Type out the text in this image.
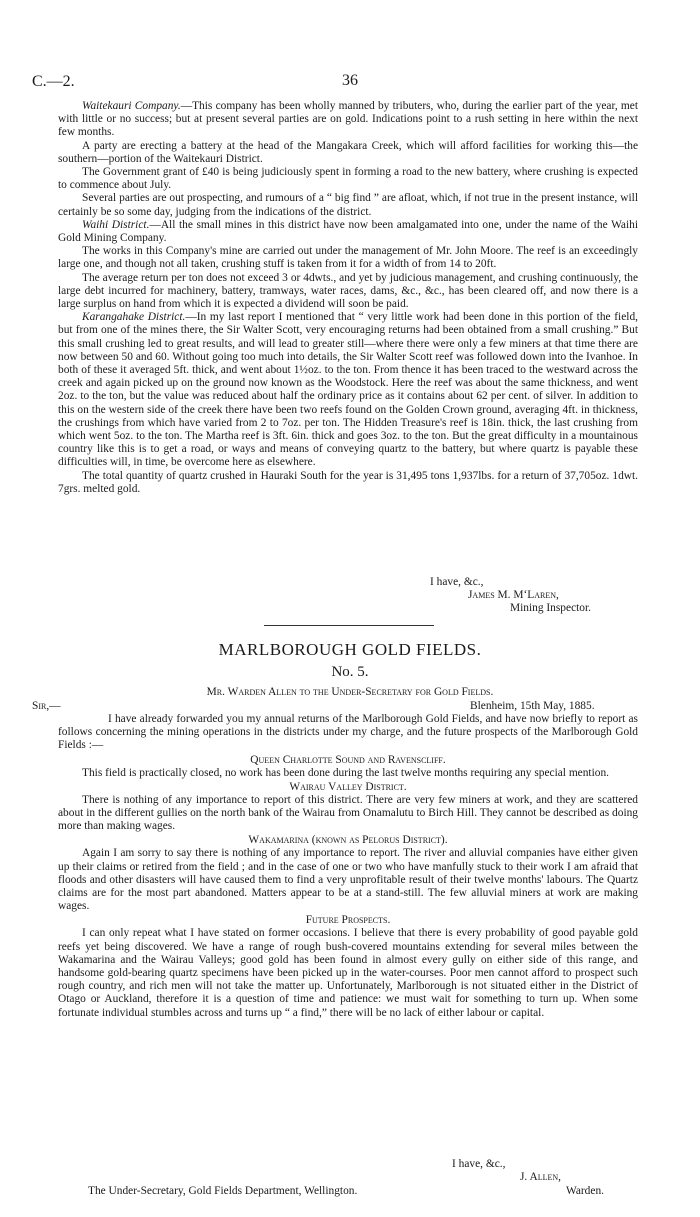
C.—2.	36

Waitekauri Company.—This company has been wholly manned by tributers, who, during the earlier part of the year, met with little or no success; but at present several parties are on gold. Indications point to a rush setting in here within the next few months.

A party are erecting a battery at the head of the Mangakara Creek, which will afford facilities for working this—the southern—portion of the Waitekauri District.

The Government grant of £40 is being judiciously spent in forming a road to the new battery, where crushing is expected to commence about July.

Several parties are out prospecting, and rumours of a “ big find ” are afloat, which, if not true in the present instance, will certainly be so some day, judging from the indications of the district.

Waihi District.—All the small mines in this district have now been amalgamated into one, under the name of the Waihi Gold Mining Company.

The works in this Company's mine are carried out under the management of Mr. John Moore. The reef is an exceedingly large one, and though not all taken, crushing stuff is taken from it for a width of from 14 to 20ft.

The average return per ton does not exceed 3 or 4dwts., and yet by judicious management, and crushing continuously, the large debt incurred for machinery, battery, tramways, water races, dams, &c., &c., has been cleared off, and now there is a large surplus on hand from which it is expected a dividend will soon be paid.

Karangahake District.—In my last report I mentioned that “ very little work had been done in this portion of the field, but from one of the mines there, the Sir Walter Scott, very encouraging returns had been obtained from a small crushing.” But this small crushing led to great results, and will lead to greater still—where there were only a few miners at that time there are now between 50 and 60. Without going too much into details, the Sir Walter Scott reef was followed down into the Ivanhoe. In both of these it averaged 5ft. thick, and went about 1½oz. to the ton. From thence it has been traced to the westward across the creek and again picked up on the ground now known as the Woodstock. Here the reef was about the same thickness, and went 2oz. to the ton, but the value was reduced about half the ordinary price as it contains about 62 per cent. of silver. In addition to this on the western side of the creek there have been two reefs found on the Golden Crown ground, averaging 4ft. in thickness, the crushings from which have varied from 2 to 7oz. per ton. The Hidden Treasure's reef is 18in. thick, the last crushing from which went 5oz. to the ton. The Martha reef is 3ft. 6in. thick and goes 3oz. to the ton. But the great difficulty in a mountainous country like this is to get a road, or ways and means of conveying quartz to the battery, but where quartz is payable these difficulties will, in time, be overcome here as elsewhere.

The total quantity of quartz crushed in Hauraki South for the year is 31,495 tons 1,937lbs. for a return of 37,705oz. 1dwt. 7grs. melted gold.

I have, &c.,
James M. M‘Laren,
Mining Inspector.
MARLBOROUGH GOLD FIELDS.
No. 5.
Mr. Warden Allen to the Under-Secretary for Gold Fields.
Sir,—	Blenheim, 15th May, 1885.

I have already forwarded you my annual returns of the Marlborough Gold Fields, and have now briefly to report as follows concerning the mining operations in the districts under my charge, and the future prospects of the Marlborough Gold Fields :—

Queen Charlotte Sound and Ravenscliff.

This field is practically closed, no work has been done during the last twelve months requiring any special mention.

Wairau Valley District.

There is nothing of any importance to report of this district. There are very few miners at work, and they are scattered about in the different gullies on the north bank of the Wairau from Onamalutu to Birch Hill. They cannot be described as doing more than making wages.

Wakamarina (known as Pelorus District).

Again I am sorry to say there is nothing of any importance to report. The river and alluvial companies have either given up their claims or retired from the field ; and in the case of one or two who have manfully stuck to their work I am afraid that floods and other disasters will have caused them to find a very unprofitable result of their twelve months' labours. The Quartz claims are for the most part abandoned. Matters appear to be at a stand-still. The few alluvial miners at work are making wages.

Future Prospects.

I can only repeat what I have stated on former occasions. I believe that there is every probability of good payable gold reefs yet being discovered. We have a range of rough bush-covered mountains extending for several miles between the Wakamarina and the Wairau Valleys; good gold has been found in almost every gully on either side of this range, and handsome gold-bearing quartz specimens have been picked up in the water-courses. Poor men cannot afford to prospect such rough country, and rich men will not take the matter up. Unfortunately, Marlborough is not situated either in the District of Otago or Auckland, therefore it is a question of time and patience: we must wait for something to turn up. When some fortunate individual stumbles across and turns up “ a find,” there will be no lack of either labour or capital.

I have, &c.,
J. Allen,
The Under-Secretary, Gold Fields Department, Wellington.	Warden.
